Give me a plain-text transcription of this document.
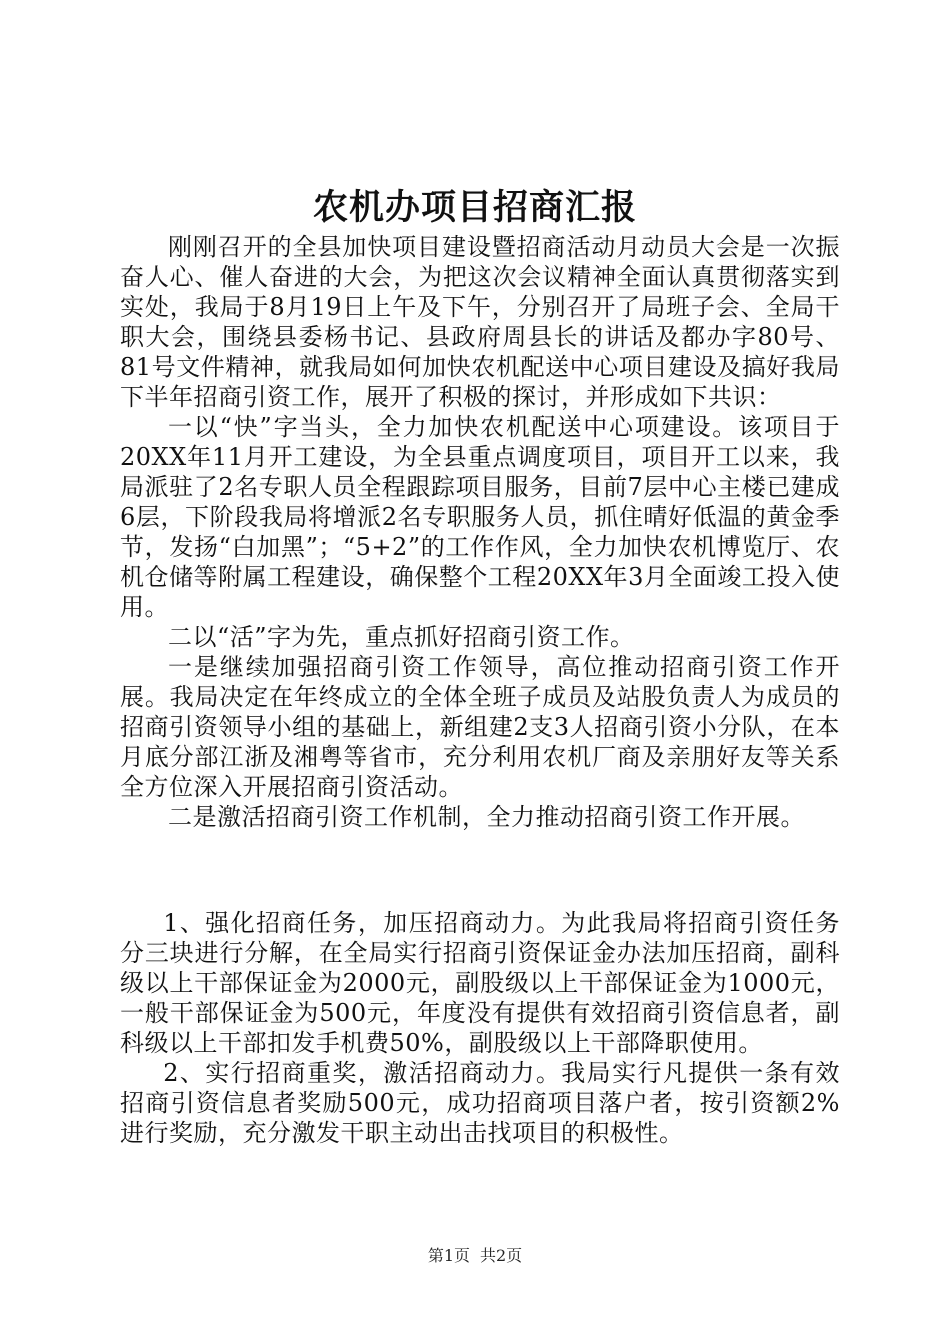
农机办项目招商汇报

刚刚召开的全县加快项目建设暨招商活动月动员大会是一次振奋人心、催人奋进的大会，为把这次会议精神全面认真贯彻落实到实处，我局于8月19日上午及下午，分别召开了局班子会、全局干职大会，围绕县委杨书记、县政府周县长的讲话及都办字80号、81号文件精神，就我局如何加快农机配送中心项目建设及搞好我局下半年招商引资工作，展开了积极的探讨，并形成如下共识：

一以“快”字当头，全力加快农机配送中心项建设。该项目于20XX年11月开工建设，为全县重点调度项目，项目开工以来，我局派驻了2名专职人员全程跟踪项目服务，目前7层中心主楼已建成6层，下阶段我局将增派2名专职服务人员，抓住晴好低温的黄金季节，发扬“白加黑”；“5+2”的工作作风，全力加快农机博览厅、农机仓储等附属工程建设，确保整个工程20XX年3月全面竣工投入使用。

二以“活”字为先，重点抓好招商引资工作。

一是继续加强招商引资工作领导，高位推动招商引资工作开展。我局决定在年终成立的全体全班子成员及站股负责人为成员的招商引资领导小组的基础上，新组建2支3人招商引资小分队，在本月底分部江浙及湘粤等省市，充分利用农机厂商及亲朋好友等关系全方位深入开展招商引资活动。

二是激活招商引资工作机制，全力推动招商引资工作开展。

1、强化招商任务，加压招商动力。为此我局将招商引资任务分三块进行分解，在全局实行招商引资保证金办法加压招商，副科级以上干部保证金为2000元，副股级以上干部保证金为1000元，一般干部保证金为500元，年度没有提供有效招商引资信息者，副科级以上干部扣发手机费50%，副股级以上干部降职使用。

2、实行招商重奖，激活招商动力。我局实行凡提供一条有效招商引资信息者奖励500元，成功招商项目落户者，按引资额2%进行奖励，充分激发干职主动出击找项目的积极性。

第1页 共2页
